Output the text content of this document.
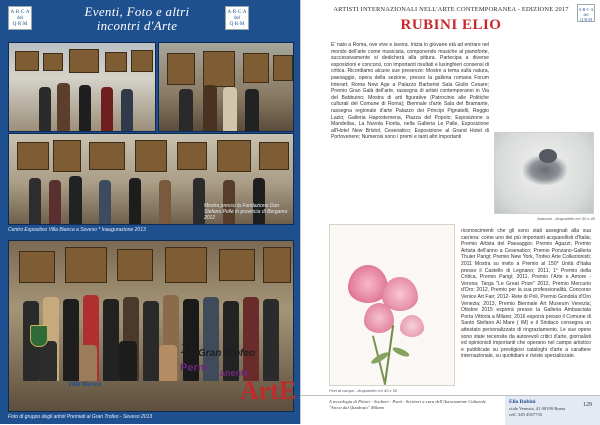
A·R·C·A
del
Q·R·M
Eventi, Foto e altri
incontri d'Arte
A·R·C·A
del
Q·R·M
Mostra presso la Fondazione Don Stefano Pellè in provincia di Bergamo 2012
Centro Espositivo Villa Bianca a Seveso * Inaugurazione 2013
1° Gran Trofeo
Perm anente
ArtE
Villa Bianca
Foto di gruppo degli artisti Premiati al Gran Trofeo - Seveso 2013
ARTISTI INTERNAZIONALI NELL'ARTE CONTEMPORANEA - EDIZIONE 2017	A·R·C·A
del
Q·R·M
RUBINI ELIO

E' nato a Roma, ove vive e lavora. Inizia in giovane età ad entrare nel mondo dell'arte come musicista, componendo musiche al pianoforte, successivamente si dedicherà alla pittura. Partecipa a diverse esposizioni e concorsi, con importanti risultati e lusinghieri consensi di critica. Ricordiamo alcune sue presenze: Mostre a tema sulla natura, paesaggio, opera della sezione, presso la galleria romana Forum Interart; Roma New Age a Palazzo Barberini Sala Giulio Cesare; Premio Gran Galà dell'arte, rassegna di artisti contemporanei in Via del Babbuino; Mostra di arti figurative (Patrocinio alle Politiche culturali del Comune di Roma); Biennale d'arte Sala del Bramante, rassegna regionale d'arte Palazzo dei Principi Pignatelli, Reggio Lazio; Galleria Hapostemena, Piazza del Popolo; Esposizione a Mandellau, La Nuvola Fiorita, nella Galleria Le Palle, Esposizione all'Hotel New Bristol, Cesenatico; Esposizione al Grand Hotel di Portovenere; Numerosi sono i premi e tanti altri importanti

Autunno - Acquarello cm 30 x 40
Fiori di campo - Acquarello cm 40 x 50

riconoscimenti che gli sono stati assegnati alla sua carriera: come uno dei più importanti acquarellisti d'Italia; Premio Artista del Paesaggio; Premio Agazzi; Premio Artista dell'anno a Cesenatico; Premio Ponzano-Galleria Thuler Parigi; Premio New York, Trofeo Arte Collezionisti; 2011 Mostra su invito a Premio al 150° Unità d'Italia presso il Castello di Legnano; 2011, 1° Premio della Critica, Premio Parigi; 2011, Premio l'Arte e Amore - Verona; Targa "Le Great Prize" 2012, Premio Mercurio d'Oro; 2012, Premio per la sua professionalità, Concorso Venice Art Fair; 2012- Rete di Poli, Premio Gondola d'Oro Venezia; 2013, Premio Biennale Art Museum Venezia; Ottobre 2015 esporrà presso la Galleria Ambasciata Porta Vittoria a Milano; 2016 esporrà presso il Comune di Santo Stefano Al Mare ( IM) e il Sindaco consegna un attestato personalizzato di ringraziamento. Le sue opere sono state recensite da autorevoli critici d'arte, giornalisti ed opinionisti importanti che operano nel campo artistico e pubblicate su prestigiosi cataloghi d'arte a carattere internazionale, su quotidiani e riviste specializzate.

A tecnologia di Pittori - Scultori - Poeti - Scrittori a cura dell'Associazione Culturale "Arcca dal Quadrato" Milano
Elio Rubini
viale Venezia, 41 00199 Roma
cell. 349 4567735
129
